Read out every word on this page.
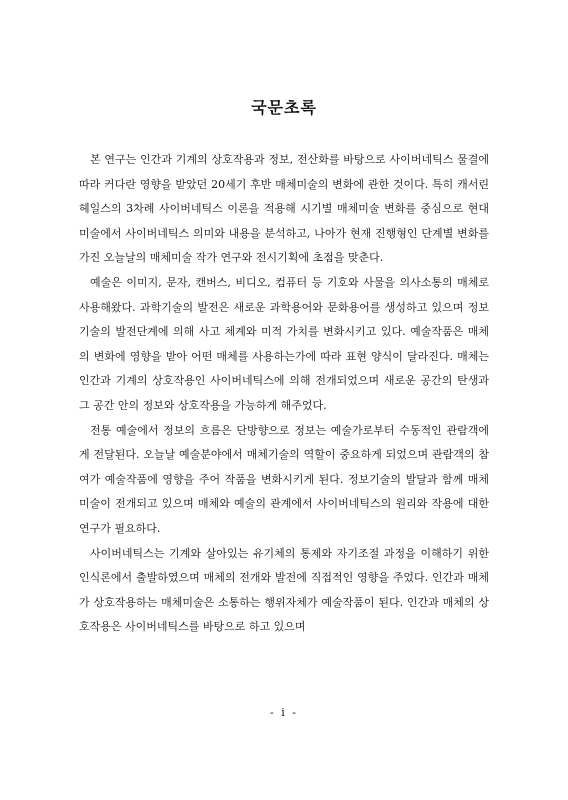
국문초록

본 연구는 인간과 기계의 상호작용과 정보, 전산화를 바탕으로 사이버네틱스 물결에 따라 커다란 영향을 받았던 20세기 후반 매체미술의 변화에 관한 것이다. 특히 캐서린 헤일스의 3차례 사이버네틱스 이론을 적용해 시기별 매체미술 변화를 중심으로 현대미술에서 사이버네틱스 의미와 내용을 분석하고, 나아가 현재 진행형인 단계별 변화를 가진 오늘날의 매체미술 작가 연구와 전시기획에 초점을 맞춘다.

예술은 이미지, 문자, 캔버스, 비디오, 컴퓨터 등 기호와 사물을 의사소통의 매체로 사용해왔다. 과학기술의 발전은 새로운 과학용어와 문화용어를 생성하고 있으며 정보기술의 발전단계에 의해 사고 체계와 미적 가치를 변화시키고 있다. 예술작품은 매체의 변화에 영향을 받아 어떤 매체를 사용하는가에 따라 표현 양식이 달라진다. 매체는 인간과 기계의 상호작용인 사이버네틱스에 의해 전개되었으며 새로운 공간의 탄생과 그 공간 안의 정보와 상호작용을 가능하게 해주었다.

전통 예술에서 정보의 흐름은 단방향으로 정보는 예술가로부터 수동적인 관람객에게 전달된다. 오늘날 예술분야에서 매체기술의 역할이 중요하게 되었으며 관람객의 참여가 예술작품에 영향을 주어 작품을 변화시키게 된다. 정보기술의 발달과 함께 매체미술이 전개되고 있으며 매체와 예술의 관계에서 사이버네틱스의 원리와 작용에 대한 연구가 필요하다.

사이버네틱스는 기계와 살아있는 유기체의 통제와 자기조절 과정을 이해하기 위한 인식론에서 출발하였으며 매체의 전개와 발전에 직접적인 영향을 주었다. 인간과 매체가 상호작용하는 매체미술은 소통하는 행위자체가 예술작품이 된다. 인간과 매체의 상호작용은 사이버네틱스를 바탕으로 하고 있으며

- i -
